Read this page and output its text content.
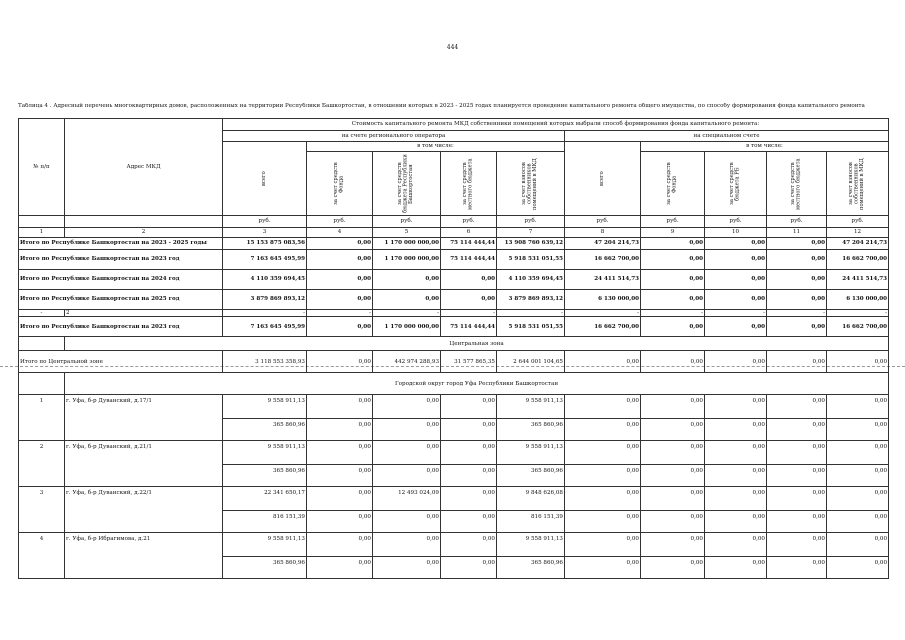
444
Таблица 4 . Адресный перечень многоквартирных домов, расположенных на территории Республики Башкортостан, в отношении которых в 2023 - 2025 годах планируется проведение капитального ремонта общего имущества, по способу формирования фонда капитального ремонта
№ п/п	Адрес МКД	Стоимость капитального ремонта МКД собственники помещений которых выбрали способ формирования фонда капитального ремонта:									
		на счете регионального оператора					на специальном счете				

		всего	в том числе:				всего	в том числе:			

			за счет средств Фонда	за счет средств бюджета Республики Башкортостан	за счет средств местного бюджета	за счет взносов собственников помещений в МКД		за счет средств Фонда	за счет средств бюджета РБ	за счет средств местного бюджета	за счет взносов собственников помещений в МКД

		руб.	руб.	руб.	руб.	руб.	руб.	руб.	руб.	руб.	руб.
1	2	3	4	5	6	7	8	9	10	11	12
Итого по Республике Башкортостан на 2023 - 2025 годы		15 153 875 083,56	0,00	1 170 000 000,00	75 114 444,44	13 908 760 639,12	47 204 214,73	0,00	0,00	0,00	47 204 214,73
Итого по Республике Башкортостан на 2023 год		7 163 645 495,99	0,00	1 170 000 000,00	75 114 444,44	5 918 531 051,55	16 662 700,00	0,00	0,00	0,00	16 662 700,00
Итого по Республике Башкортостан на 2024 год		4 110 359 694,45	0,00	0,00	0,00	4 110 359 694,45	24 411 514,73	0,00	0,00	0,00	24 411 514,73
Итого по Республике Башкортостан на 2025 год		3 879 869 893,12	0,00	0,00	0,00	3 879 869 893,12	6 130 000,00	0,00	0,00	0,00	6 130 000,00
-	2	-	-	-	-	-	-	-	-	-	-
Итого по Республике Башкортостан на 2023 год		7 163 645 495,99	0,00	1 170 000 000,00	75 114 444,44	5 918 531 051,55	16 662 700,00	0,00	0,00	0,00	16 662 700,00
	Центральная зона										
Итого по Центральной зоне		3 118 553 358,93	0,00	442 974 288,93	31 577 865,35	2 644 001 104,65	0,00	0,00	0,00	0,00	0,00
	Городской округ город Уфа Республики Башкортостан										
1	г. Уфа, б-р Дуванский, д.17/1	9 558 911,13	0,00	0,00	0,00	9 558 911,13	0,00	0,00	0,00	0,00	0,00
		365 860,96	0,00	0,00	0,00	365 860,96	0,00	0,00	0,00	0,00	0,00
2	г. Уфа, б-р Дуванский, д.21/1	9 558 911,13	0,00	0,00	0,00	9 558 911,13	0,00	0,00	0,00	0,00	0,00
		365 860,96	0,00	0,00	0,00	365 860,96	0,00	0,00	0,00	0,00	0,00
3	г. Уфа, б-р Дуванский, д.22/1	22 341 650,17	0,00	12 493 024,09	0,00	9 848 626,08	0,00	0,00	0,00	0,00	0,00
		816 151,39	0,00	0,00	0,00	816 151,39	0,00	0,00	0,00	0,00	0,00
4	г. Уфа, б-р Ибрагимова, д.21	9 558 911,13	0,00	0,00	0,00	9 558 911,13	0,00	0,00	0,00	0,00	0,00
		365 860,96	0,00	0,00	0,00	365 860,96	0,00	0,00	0,00	0,00	0,00
